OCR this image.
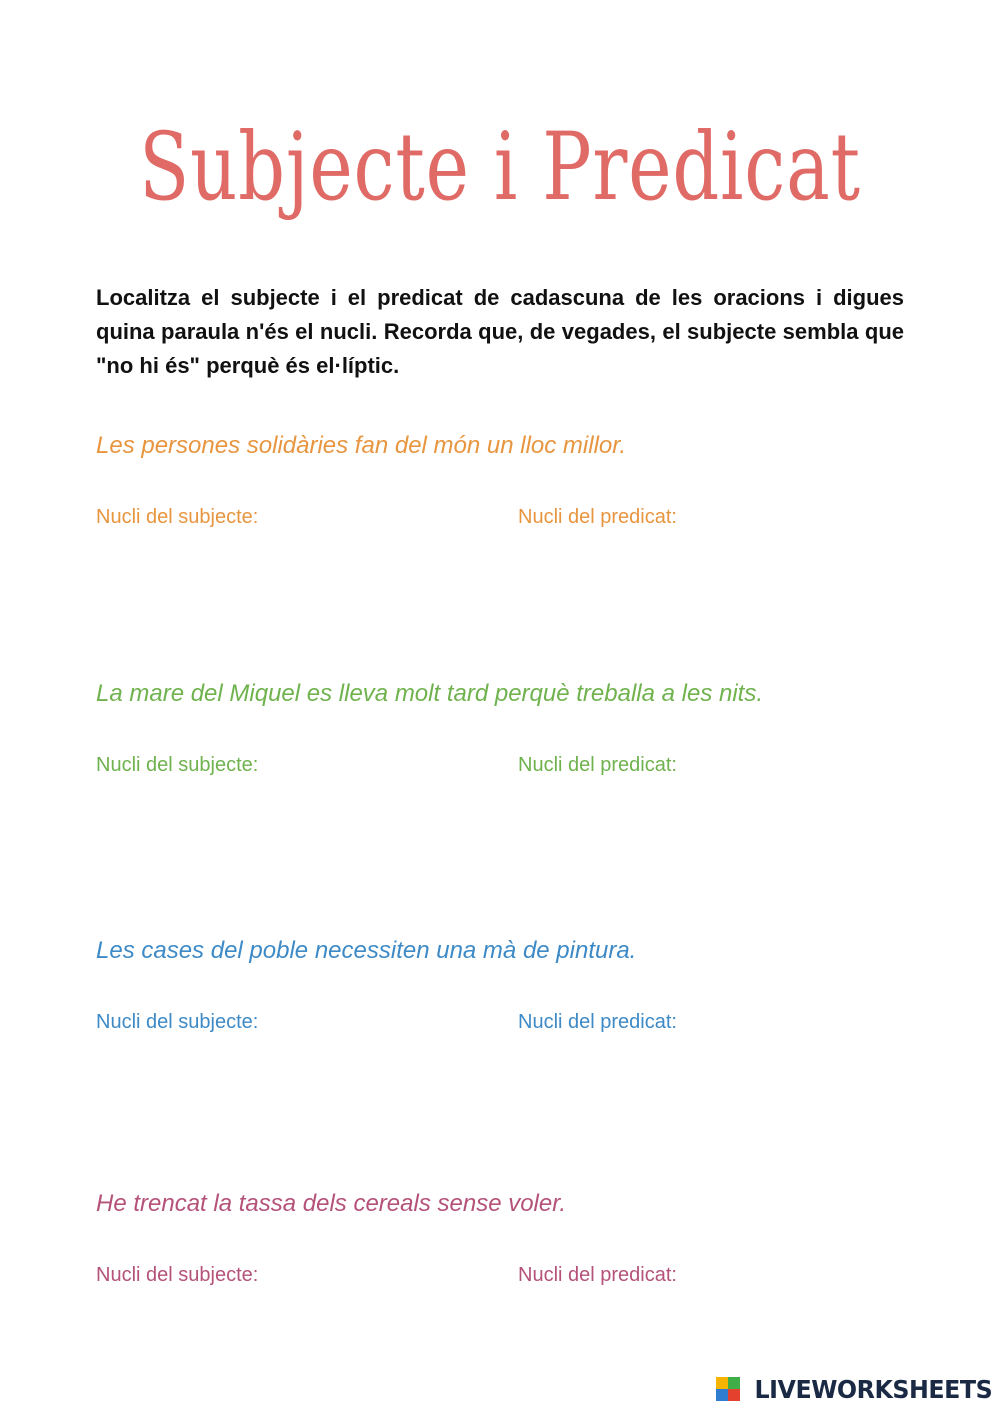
Subjecte i Predicat

Localitza el subjecte i el predicat de cadascuna de les oracions i digues quina paraula n'és el nucli. Recorda que, de vegades, el subjecte sembla que "no hi és" perquè és el·líptic.

Les persones solidàries fan del món un lloc millor.

Nucli del subjecte:	Nucli del predicat:

La mare del Miquel es lleva molt tard perquè treballa a les nits.

Nucli del subjecte:	Nucli del predicat:

Les cases del poble necessiten una mà de pintura.

Nucli del subjecte:	Nucli del predicat:

He trencat la tassa dels cereals sense voler.

Nucli del subjecte:	Nucli del predicat:
LIVEWORKSHEETS
